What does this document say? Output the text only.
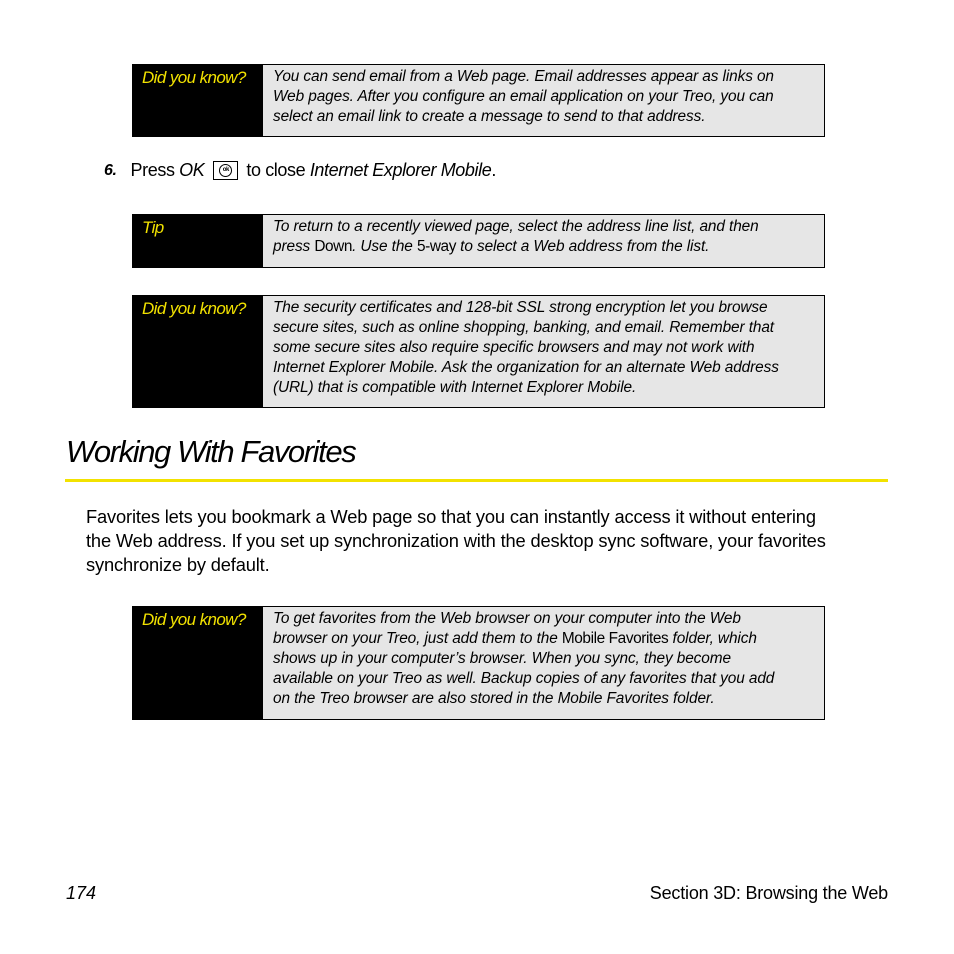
Did you know?	You can send email from a Web page. Email addresses appear as links on
Web pages. After you configure an email application on your Treo, you can
select an email link to create a message to send to that address.
6. Press OK	ok to close Internet Explorer Mobile .
Tip	To return to a recently viewed page, select the address line list, and then
press Down. Use the 5-way to select a Web address from the list.
Did you know?	The security certificates and 128-bit SSL strong encryption let you browse
secure sites, such as online shopping, banking, and email. Remember that
some secure sites also require specific browsers and may not work with
Internet Explorer Mobile. Ask the organization for an alternate Web address
(URL) that is compatible with Internet Explorer Mobile.
Working With Favorites
Favorites lets you bookmark a Web page so that you can instantly access it without entering
the Web address. If you set up synchronization with the desktop sync software, your favorites
synchronize by default.
Did you know?	To get favorites from the Web browser on your computer into the Web
browser on your Treo, just add them to the Mobile Favorites folder, which
shows up in your computer’s browser. When you sync, they become
available on your Treo as well. Backup copies of any favorites that you add
on the Treo browser are also stored in the Mobile Favorites folder.
174	Section 3D: Browsing the Web
